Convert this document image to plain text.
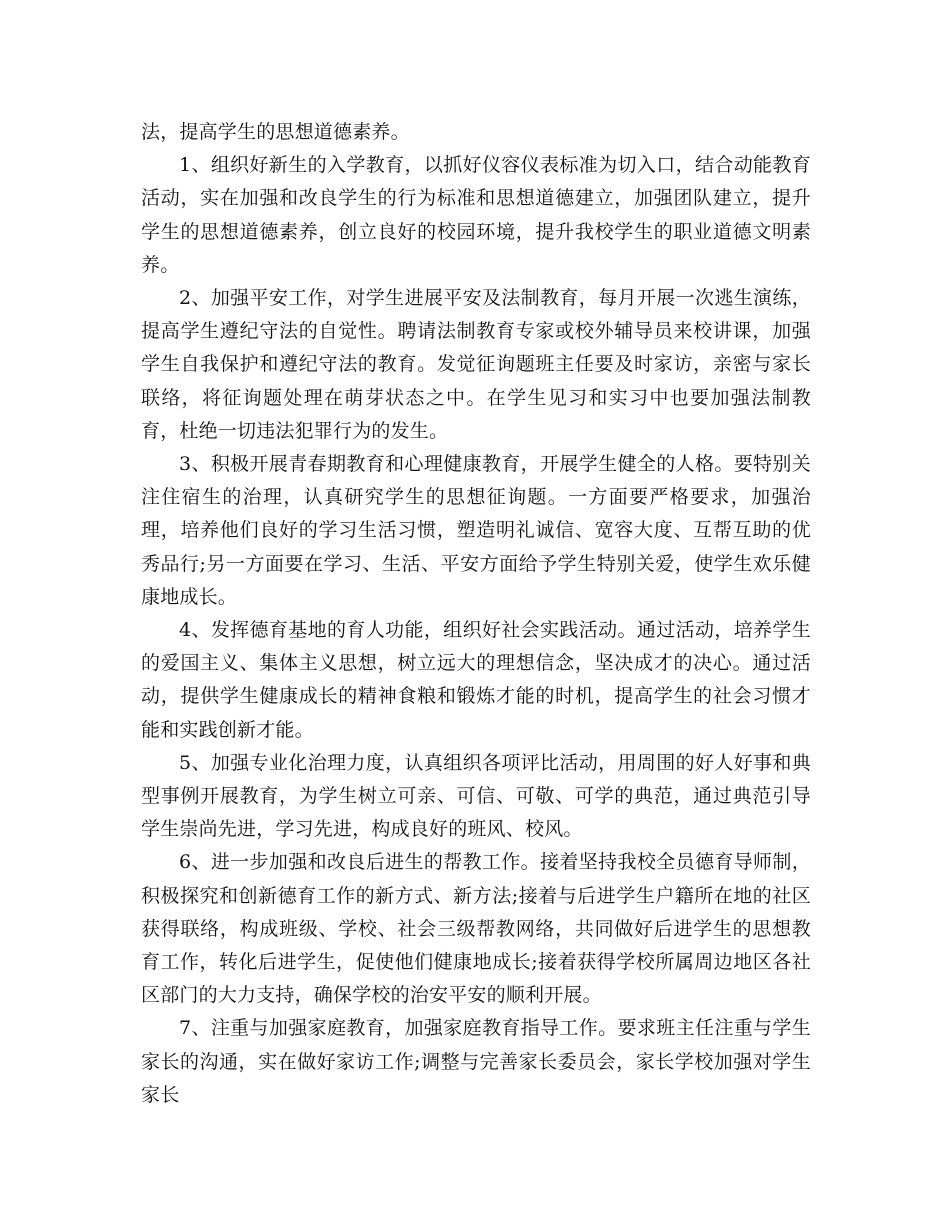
法，提高学生的思想道德素养。

1、组织好新生的入学教育，以抓好仪容仪表标准为切入口，结合动能教育活动，实在加强和改良学生的行为标准和思想道德建立，加强团队建立，提升学生的思想道德素养，创立良好的校园环境，提升我校学生的职业道德文明素养。

2、加强平安工作，对学生进展平安及法制教育，每月开展一次逃生演练，提高学生遵纪守法的自觉性。聘请法制教育专家或校外辅导员来校讲课，加强学生自我保护和遵纪守法的教育。发觉征询题班主任要及时家访，亲密与家长联络，将征询题处理在萌芽状态之中。在学生见习和实习中也要加强法制教育，杜绝一切违法犯罪行为的发生。

3、积极开展青春期教育和心理健康教育，开展学生健全的人格。要特别关注住宿生的治理，认真研究学生的思想征询题。一方面要严格要求，加强治理，培养他们良好的学习生活习惯，塑造明礼诚信、宽容大度、互帮互助的优秀品行;另一方面要在学习、生活、平安方面给予学生特别关爱，使学生欢乐健康地成长。

4、发挥德育基地的育人功能，组织好社会实践活动。通过活动，培养学生的爱国主义、集体主义思想，树立远大的理想信念，坚决成才的决心。通过活动，提供学生健康成长的精神食粮和锻炼才能的时机，提高学生的社会习惯才能和实践创新才能。

5、加强专业化治理力度，认真组织各项评比活动，用周围的好人好事和典型事例开展教育，为学生树立可亲、可信、可敬、可学的典范，通过典范引导学生崇尚先进，学习先进，构成良好的班风、校风。

6、进一步加强和改良后进生的帮教工作。接着坚持我校全员德育导师制，积极探究和创新德育工作的新方式、新方法;接着与后进学生户籍所在地的社区获得联络，构成班级、学校、社会三级帮教网络，共同做好后进学生的思想教育工作，转化后进学生，促使他们健康地成长;接着获得学校所属周边地区各社区部门的大力支持，确保学校的治安平安的顺利开展。

7、注重与加强家庭教育，加强家庭教育指导工作。要求班主任注重与学生家长的沟通，实在做好家访工作;调整与完善家长委员会，家长学校加强对学生家长
